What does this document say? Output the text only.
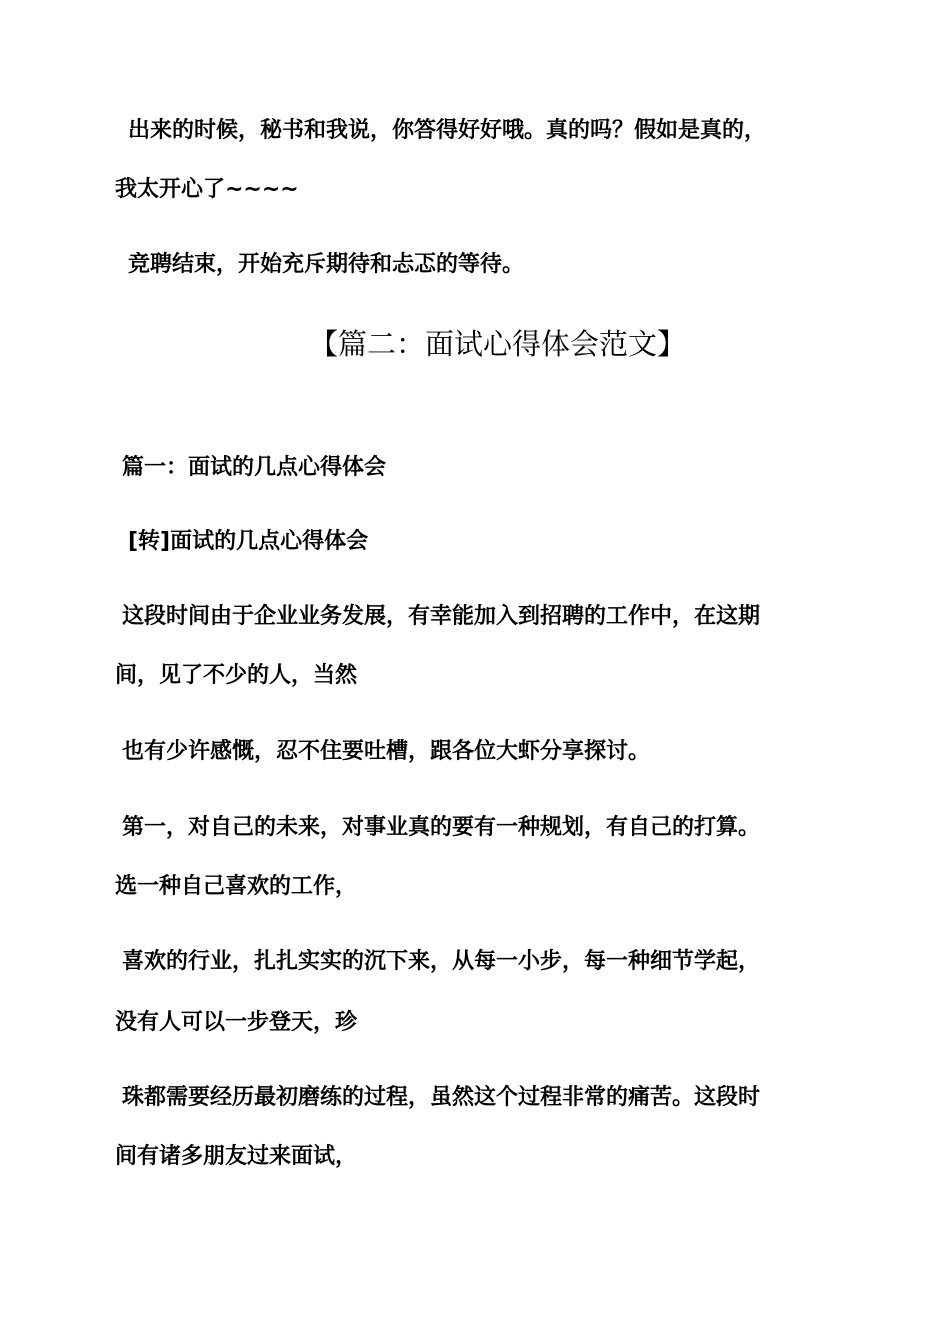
出来的时候，秘书和我说，你答得好好哦。真的吗？假如是真的，
我太开心了~~~~
竞聘结束，开始充斥期待和忐忑的等待。
【篇二：面试心得体会范文】
篇一：面试的几点心得体会
[转]面试的几点心得体会
这段时间由于企业业务发展，有幸能加入到招聘的工作中，在这期
间，见了不少的人，当然
也有少许感慨，忍不住要吐槽，跟各位大虾分享探讨。
第一，对自己的未来，对事业真的要有一种规划，有自己的打算。
选一种自己喜欢的工作，
喜欢的行业，扎扎实实的沉下来，从每一小步，每一种细节学起，
没有人可以一步登天，珍
珠都需要经历最初磨练的过程，虽然这个过程非常的痛苦。这段时
间有诸多朋友过来面试，
